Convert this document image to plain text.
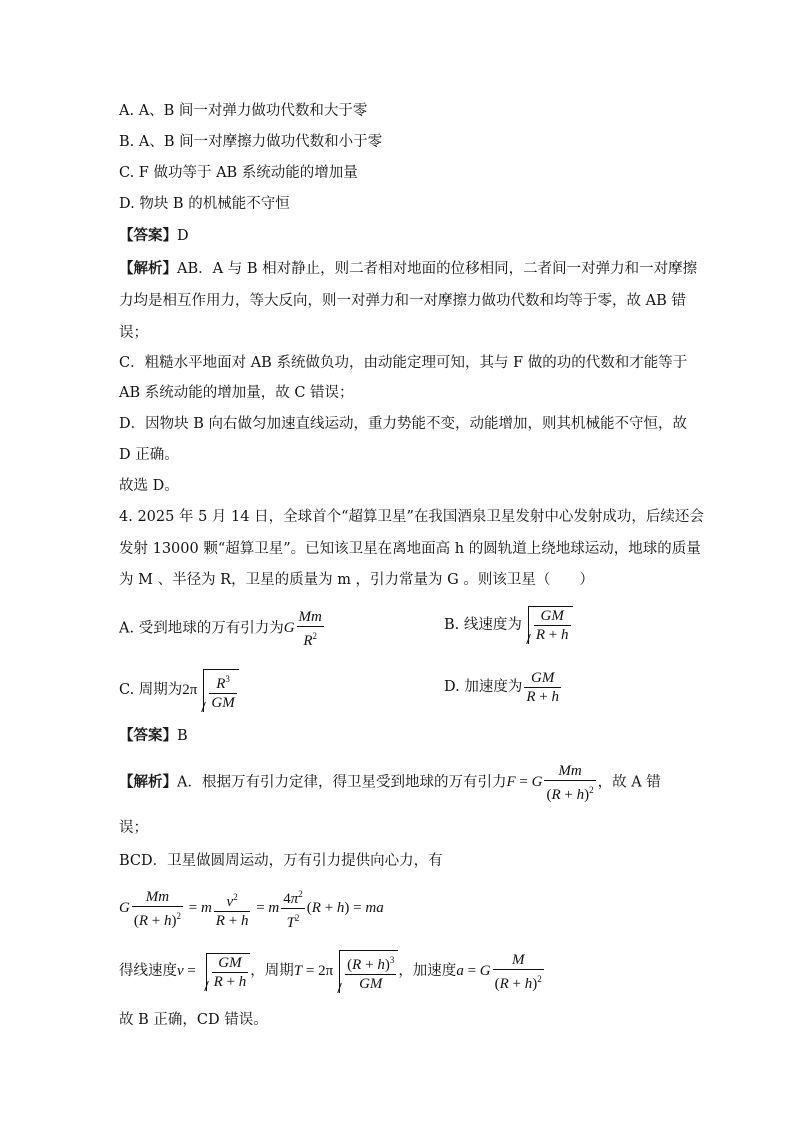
A. A、B 间一对弹力做功代数和大于零
B. A、B 间一对摩擦力做功代数和小于零
C. F 做功等于 AB 系统动能的增加量
D. 物块 B 的机械能不守恒
【答案】D
【解析】AB．A 与 B 相对静止，则二者相对地面的位移相同，二者间一对弹力和一对摩擦
力均是相互作用力，等大反向，则一对弹力和一对摩擦力做功代数和均等于零，故 AB 错
误；
C．粗糙水平地面对 AB 系统做负功，由动能定理可知，其与 F 做的功的代数和才能等于
AB 系统动能的增加量，故 C 错误；
D．因物块 B 向右做匀加速直线运动，重力势能不变，动能增加，则其机械能不守恒，故
D 正确。
故选 D。
4. 2025 年 5 月 14 日，全球首个“超算卫星”在我国酒泉卫星发射中心发射成功，后续还会
发射 13000 颗“超算卫星”。已知该卫星在离地面高 h 的圆轨道上绕地球运动，地球的质量
为 M 、半径为 R，卫星的质量为 m ，引力常量为 G 。则该卫星（　　）
A. 受到地球的万有引力为G $\frac{Mm}{R^2}$	B. 线速度为 $\frac{GM}{R + h}$
C. 周期为$2\pi \frac{R^3}{GM}$	D. 加速度为 $\frac{GM}{R + h}$
【答案】B
【解析】A．根据万有引力定律，得卫星受到地球的万有引力F = G $\frac{Mm}{(R + h)^2}$ ，故 A 错
误；
BCD．卫星做圆周运动，万有引力提供向心力，有
G $\frac{Mm}{(R + h)^2} = m \frac{v^2}{R + h} = m \frac{4\pi^2}{T^2} (R + h)$ = ma
得线速度$v = \frac{GM}{R + h}$ ，周期$T = 2\pi \frac{(R + h)^3}{GM}$ ，加速度a = G $\frac{M}{(R + h)^2}$
故 B 正确，CD 错误。
